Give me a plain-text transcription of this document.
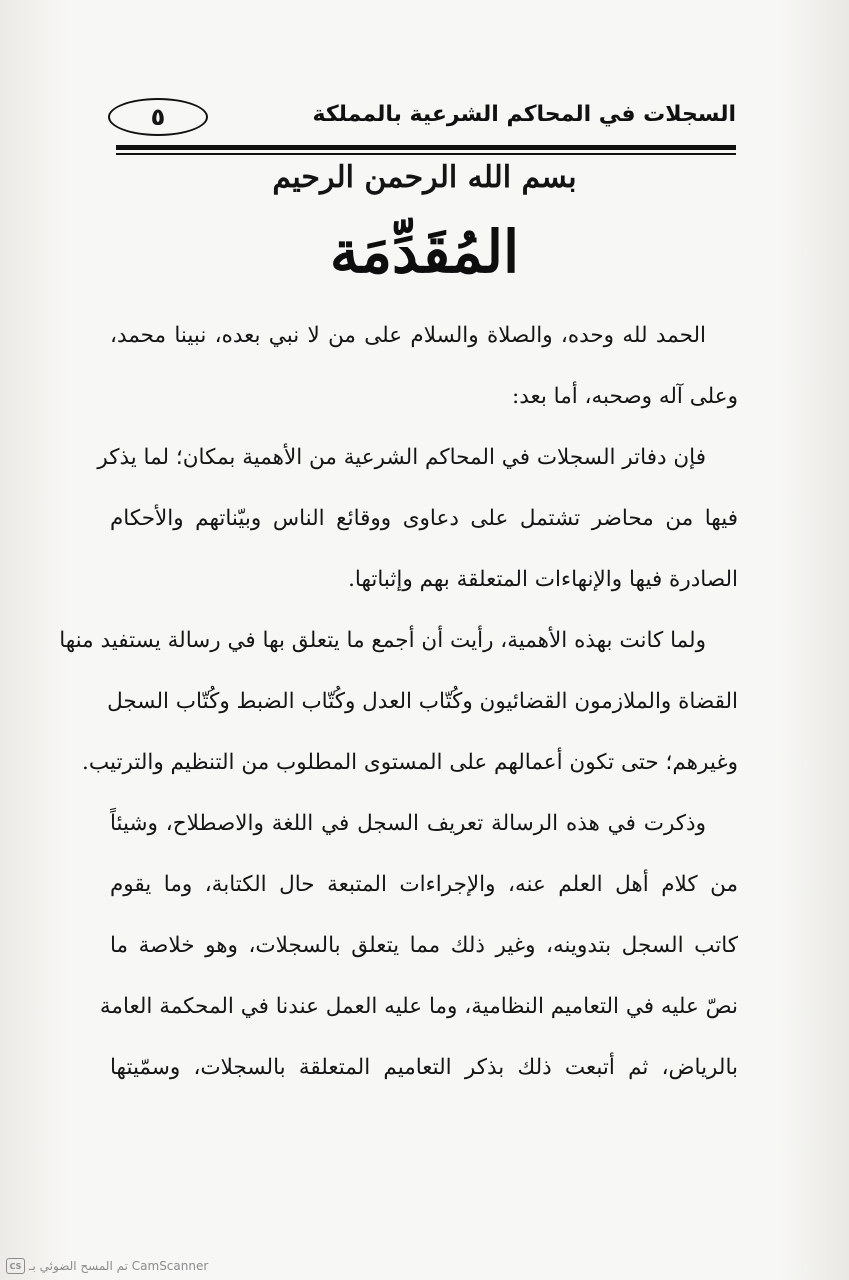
السجلات في المحاكم الشرعية بالمملكة
٥
بسم الله الرحمن الرحيم
المُقَدِّمَة
الحمد لله وحده، والصلاة والسلام على من لا نبي بعده، نبينا محمد،
وعلى آله وصحبه، أما بعد:
فإن دفاتر السجلات في المحاكم الشرعية من الأهمية بمكان؛ لما يذكر
فيها من محاضر تشتمل على دعاوى ووقائع الناس وبيّناتهم والأحكام
الصادرة فيها والإنهاءات المتعلقة بهم وإثباتها.
ولما كانت بهذه الأهمية، رأيت أن أجمع ما يتعلق بها في رسالة يستفيد منها
القضاة والملازمون القضائيون وكُتّاب العدل وكُتّاب الضبط وكُتّاب السجل
وغيرهم؛ حتى تكون أعمالهم على المستوى المطلوب من التنظيم والترتيب.
وذكرت في هذه الرسالة تعريف السجل في اللغة والاصطلاح، وشيئاً
من كلام أهل العلم عنه، والإجراءات المتبعة حال الكتابة، وما يقوم
كاتب السجل بتدوينه، وغير ذلك مما يتعلق بالسجلات، وهو خلاصة ما
نصّ عليه في التعاميم النظامية، وما عليه العمل عندنا في المحكمة العامة
بالرياض، ثم أتبعت ذلك بذكر التعاميم المتعلقة بالسجلات، وسمّيتها
CS تم المسح الضوئي بـ CamScanner
